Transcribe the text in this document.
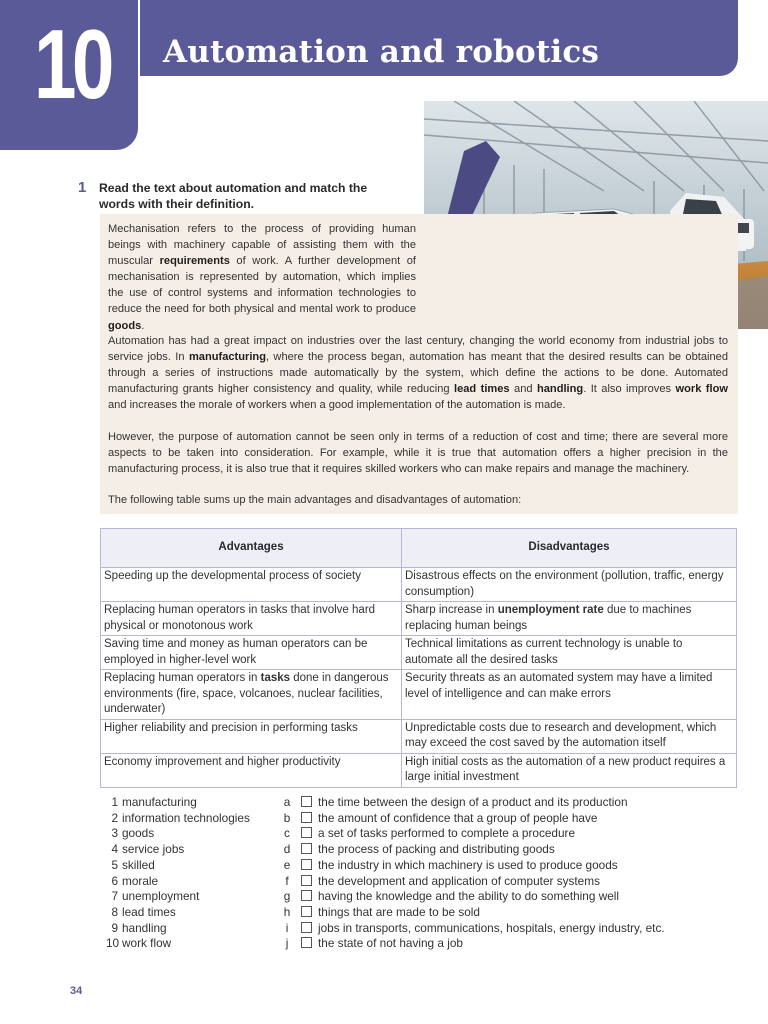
10 Automation and robotics
1 Read the text about automation and match the words with their definition.

Mechanisation refers to the process of providing human beings with machinery capable of assisting them with the muscular requirements of work. A further development of mechanisation is represented by automation, which implies the use of control systems and information technologies to reduce the need for both physical and mental work to produce goods.

Automation has had a great impact on industries over the last century, changing the world economy from industrial jobs to service jobs. In manufacturing, where the process began, automation has meant that the desired results can be obtained through a series of instructions made automatically by the system, which define the actions to be done. Automated manufacturing grants higher consistency and quality, while reducing lead times and handling. It also improves work flow and increases the morale of workers when a good implementation of the automation is made.

However, the purpose of automation cannot be seen only in terms of a reduction of cost and time; there are several more aspects to be taken into consideration. For example, while it is true that automation offers a higher precision in the manufacturing process, it is also true that it requires skilled workers who can make repairs and manage the machinery.

The following table sums up the main advantages and disadvantages of automation:

Advantages	Disadvantages
Speeding up the developmental process of society	Disastrous effects on the environment (pollution, traffic, energy consumption)
Replacing human operators in tasks that involve hard physical or monotonous work	Sharp increase in unemployment rate due to machines replacing human beings
Saving time and money as human operators can be employed in higher-level work	Technical limitations as current technology is unable to automate all the desired tasks
Replacing human operators in tasks done in dangerous environments (fire, space, volcanoes, nuclear facilities, underwater)	Security threats as an automated system may have a limited level of intelligence and can make errors
Higher reliability and precision in performing tasks	Unpredictable costs due to research and development, which may exceed the cost saved by the automation itself
Economy improvement and higher productivity	High initial costs as the automation of a new product requires a large initial investment
1 manufacturing	a the time between the design of a product and its production
2 information technologies	b the amount of confidence that a group of people have
3 goods	c a set of tasks performed to complete a procedure
4 service jobs	d the process of packing and distributing goods
5 skilled	e the industry in which machinery is used to produce goods
6 morale	f the development and application of computer systems
7 unemployment	g having the knowledge and the ability to do something well
8 lead times	h things that are made to be sold
9 handling	i	jobs in transports, communications, hospitals, energy industry, etc.
10 work flow	j	the state of not having a job
34
